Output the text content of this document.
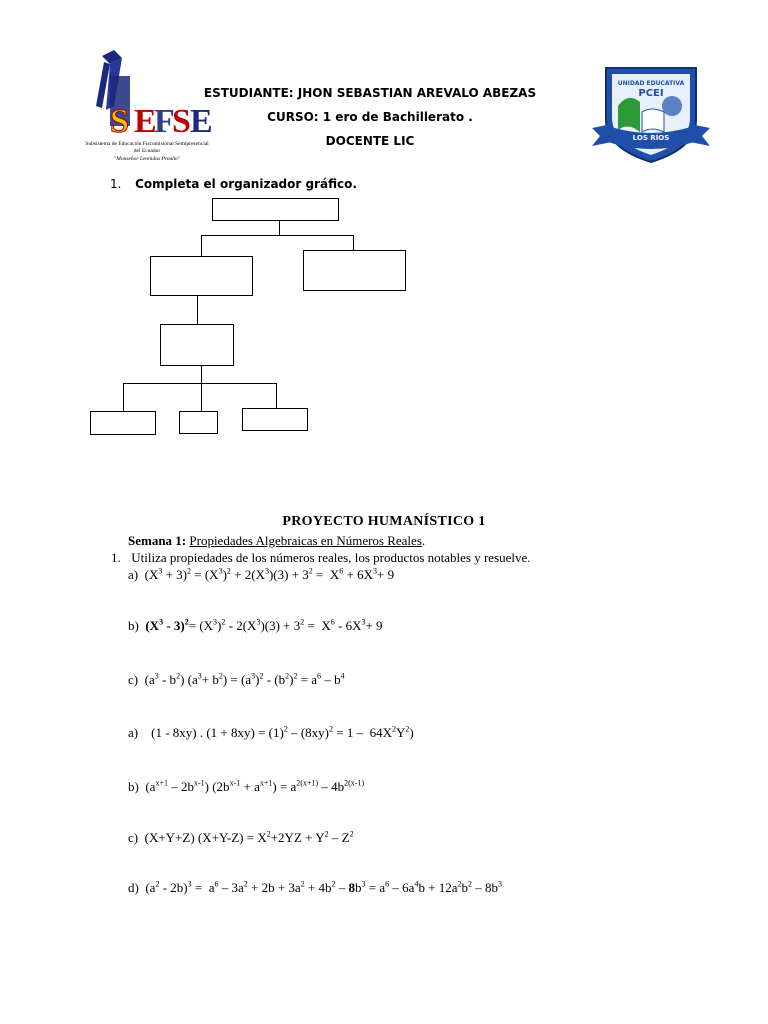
S E
F
S E
Subsistema de Educación Fiscomisional Semipresencial del Ecuador
"Monseñor Leonidas Proaño"
ESTUDIANTE: JHON SEBASTIAN AREVALO ABEZAS
CURSO: 1 ero de Bachillerato .
DOCENTE LIC
UNIDAD EDUCATIVA
PCEI
LOS RÍOS
1. Completa el organizador gráfico.
PROYECTO HUMANÍSTICO 1
Semana 1: Propiedades Algebraicas en Números Reales.
1. Utiliza propiedades de los números reales, los productos notables y resuelve.
a)  $(X^3 + 3)^2 = (X^3)^2 + 2(X^3)(3) + 3^2 = X^6 + 6X^3+ 9$
b) $(X^3 - 3)^2= (X^3)^2 - 2(X^3)(3) + 3^2 = X^6 - 6X^3+ 9$
c)  $(a^3 - b^2)$ $(a^3+ b^2) = (a^3)^2 - (b^2)^2 = a^6 - b^4$
a)    (1 - 8xy) . $(1 + 8xy) = (1)^2 - (8xy)^2 = 1 - 64X^2Y^2$)
b)  $(a^{x+1} - 2b^{x-1}) (2b^{x-1} + a^{x+1}) = a^{2(x+1)} - 4b^{2(x-1)}$
c)  (X+Y+Z) $(X+Y-Z) = X^2+2YZ + Y^2 - Z^2$
d)  $(a^2 - 2b)^3 = a^6 - 3a^2 + 2b + 3a^2 + 4b^2 - 8b^3 = a^6 - 6a^4b + 12a^2b^2 - 8b^3$
